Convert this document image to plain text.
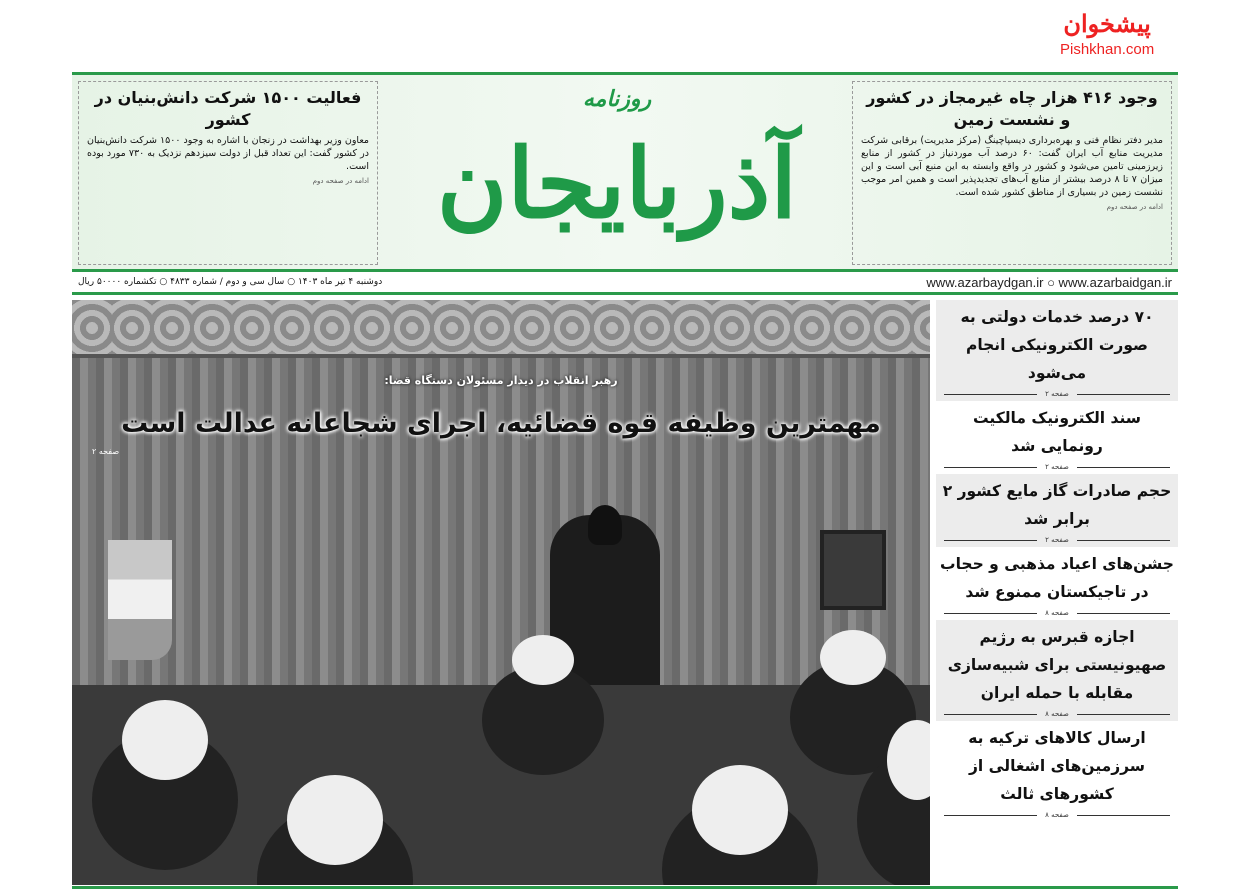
فعالیت ۱۵۰۰ شرکت دانش‌بنیان در کشور

معاون وزیر بهداشت در زنجان با اشاره به وجود ۱۵۰۰ شرکت دانش‌بنیان در کشور گفت: این تعداد قبل از دولت سیزدهم نزدیک به ۷۳۰ مورد بوده است.

ادامه در صفحه دوم
روزنامه
آذربایجان
وجود ۴۱۶ هزار چاه غیرمجاز در کشور و نشست زمین

مدیر دفتر نظام فنی و بهره‌برداری دیسپاچینگ (مرکز مدیریت) برقابی شرکت مدیریت منابع آب ایران گفت: ۶۰ درصد آب موردنیاز در کشور از منابع زیرزمینی تامین می‌شود و کشور در واقع وابسته به این منبع آبی است و این میزان ۷ تا ۸ درصد بیشتر از منابع آب‌های تجدیدپذیر است و همین امر موجب نشست زمین در بسیاری از مناطق کشور شده است.

ادامه در صفحه دوم
دوشنبه ۴ تیر ماه ۱۴۰۳ ○ سال سی و دوم / شماره ۴۸۳۳ ○ تکشماره ۵۰۰۰۰ ریال	www.azarbaydgan.ir ○ www.azarbaidgan.ir
رهبر انقلاب در دیدار مسئولان دستگاه قضا:
مهمترین وظیفه قوه قضائیه، اجرای شجاعانه عدالت است
صفحه ۲
۷۰ درصد خدمات دولتی به صورت الکترونیکی انجام می‌شود
صفحه ۲
سند الکترونیک مالکیت رونمایی شد
صفحه ۲
حجم صادرات گاز مایع کشور ۲ برابر شد
صفحه ۲
جشن‌های اعیاد مذهبی و حجاب در تاجیکستان ممنوع شد
صفحه ۸
اجازه قبرس به رژیم صهیونیستی برای شبیه‌سازی مقابله با حمله ایران
صفحه ۸
ارسال کالاهای ترکیه به سرزمین‌های اشغالی از کشورهای ثالث
صفحه ۸
پیشخوان
Pishkhan.com
